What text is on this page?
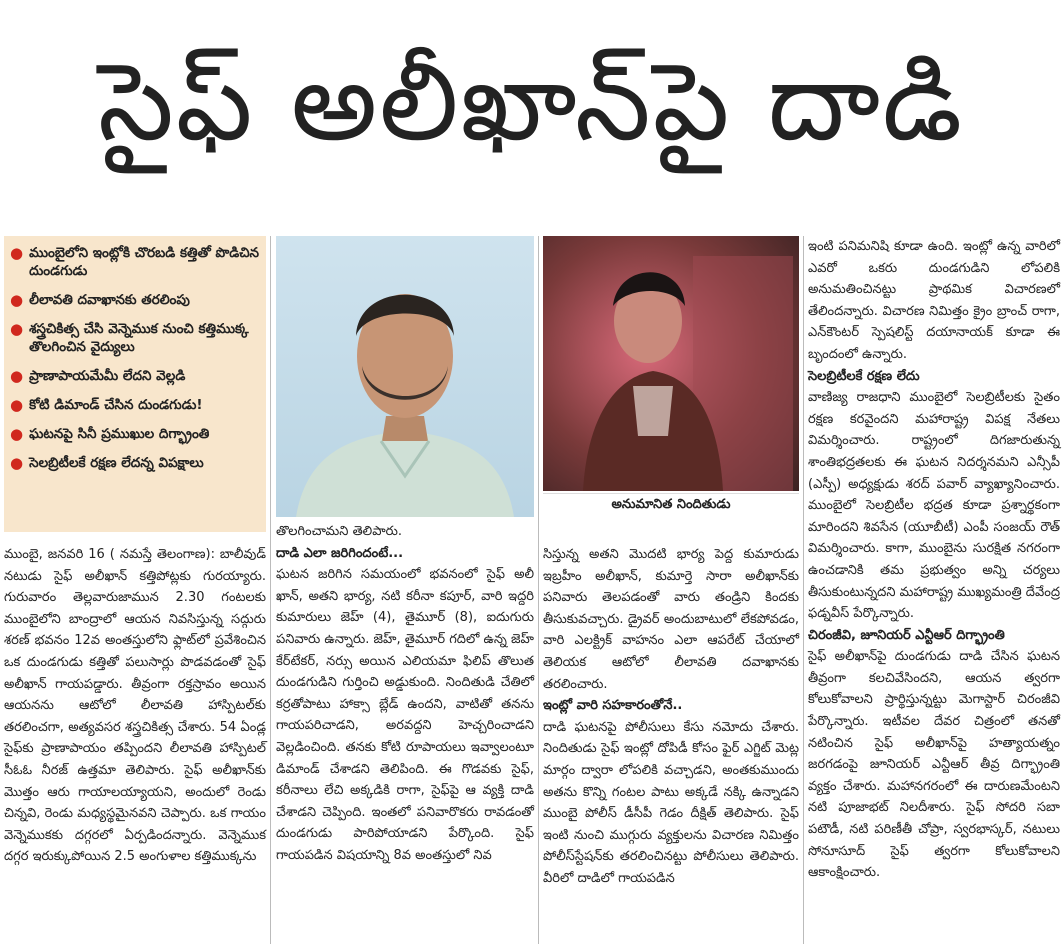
సైఫ్ అలీఖాన్‌పై దాడి
● ముంబైలోని ఇంట్లోకి చొరబడి కత్తితో పొడిచిన దుండగుడు
● లీలావతి దవాఖానకు తరలింపు
● శస్త్రచికిత్స చేసి వెన్నెముక నుంచి కత్తిముక్క తొలగించిన వైద్యులు
● ప్రాణాపాయమేమీ లేదని వెల్లడి
● కోటి డిమాండ్ చేసిన దుండగుడు!
● ఘటనపై సినీ ప్రముఖుల దిగ్భ్రాంతి
● సెలబ్రిటీలకే రక్షణ లేదన్న విపక్షాలు
అనుమానిత నిందితుడు

ముంబై, జనవరి 16 ( నమస్తే తెలంగాణ): బాలీవుడ్ నటుడు సైఫ్ అలీఖాన్ కత్తిపోట్లకు గురయ్యారు. గురువారం తెల్లవారుజామున 2.30 గంటలకు ముంబైలోని బాంద్రాలో ఆయన నివసిస్తున్న సద్గురు శరణ్ భవనం 12వ అంతస్తులోని ఫ్లాట్‌లో ప్రవేశించిన ఒక దుండగుడు కత్తితో పలుసార్లు పొడవడంతో సైఫ్ అలీఖాన్ గాయపడ్డారు. తీవ్రంగా రక్తస్రావం అయిన ఆయనను ఆటోలో లీలావతి హాస్పిటల్‌కు తరలించగా, అత్యవసర శస్త్రచికిత్స చేశారు. 54 ఏండ్ల సైఫ్‌కు ప్రాణాపాయం తప్పిందని లీలావతి హాస్పిటల్ సీఓఓ నీరజ్ ఉత్తమా తెలిపారు. సైఫ్ అలీఖాన్‌కు మొత్తం ఆరు గాయాలయ్యాయని, అందులో రెండు చిన్నవి, రెండు మధ్యస్థమైనవని చెప్పారు. ఒక గాయం వెన్నెముకకు దగ్గరలో ఏర్పడిందన్నారు. వెన్నెముక దగ్గర ఇరుక్కుపోయిన 2.5 అంగుళాల కత్తిముక్కను

తొలగించామని తెలిపారు.

దాడి ఎలా జరిగిందంటే...

ఘటన జరిగిన సమయంలో భవనంలో సైఫ్ అలీ ఖాన్, అతని భార్య, నటి కరీనా కపూర్, వారి ఇద్దరి కుమారులు జెహ్ (4), తైమూర్ (8), ఐదుగురు పనివారు ఉన్నారు. జెహ్, తైమూర్ గదిలో ఉన్న జెహ్ కేర్‌టేకర్, నర్సు అయిన ఎలియమా ఫిలిప్ తొలుత దుండగుడిని గుర్తించి అడ్డుకుంది. నిందితుడి చేతిలో కర్రతోపాటు హాక్సా బ్లేడ్ ఉందని, వాటితో తనను గాయపరిచాడని, అరవద్దని హెచ్చరించాడని వెల్లడించింది. తనకు కోటి రూపాయలు ఇవ్వాలంటూ డిమాండ్ చేశాడని తెలిపింది. ఈ గొడవకు సైఫ్, కరీనాలు లేచి అక్కడికి రాగా, సైఫ్‌పై ఆ వ్యక్తి దాడి చేశాడని చెప్పింది. ఇంతలో పనివారొకరు రావడంతో దుండగుడు పారిపోయాడని పేర్కొంది. సైఫ్ గాయపడిన విషయాన్ని 8వ అంతస్తులో నివ

సిస్తున్న అతని మొదటి భార్య పెద్ద కుమారుడు ఇబ్రహీం అలీఖాన్, కుమార్తె సారా అలీఖాన్‌కు పనివారు తెలపడంతో వారు తండ్రిని కిందకు తీసుకువచ్చారు. డ్రైవర్ అందుబాటులో లేకపోవడం, వారి ఎలక్ట్రిక్ వాహనం ఎలా ఆపరేట్ చేయాలో తెలియక ఆటోలో లీలావతి దవాఖానకు తరలించారు.

ఇంట్లో వారి సహకారంతోనే..

దాడి ఘటనపై పోలీసులు కేసు నమోదు చేశారు. నిందితుడు సైఫ్ ఇంట్లో దోపిడీ కోసం ఫైర్ ఎగ్జిట్ మెట్ల మార్గం ద్వారా లోపలికి వచ్చాడని, అంతకుముందు అతను కొన్ని గంటల పాటు అక్కడే నక్కి ఉన్నాడని ముంబై పోలీస్ డీసీపీ గెడం దీక్షిత్ తెలిపారు. సైఫ్ ఇంటి నుంచి ముగ్గురు వ్యక్తులను విచారణ నిమిత్తం పోలీస్‌స్టేషన్‌కు తరలించినట్టు పోలీసులు తెలిపారు. వీరిలో దాడిలో గాయపడిన

ఇంటి పనిమనిషి కూడా ఉంది. ఇంట్లో ఉన్న వారిలో ఎవరో ఒకరు దుండగుడిని లోపలికి అనుమతించినట్టు ప్రాథమిక విచారణలో తేలిందన్నారు. విచారణ నిమిత్తం క్రైం బ్రాంచ్ రాగా, ఎన్‌కౌంటర్ స్పెషలిస్ట్ దయానాయక్ కూడా ఈ బృందంలో ఉన్నారు.

సెలబ్రిటీలకే రక్షణ లేదు

వాణిజ్య రాజధాని ముంబైలో సెలబ్రిటీలకు సైతం రక్షణ కరవైందని మహారాష్ట్ర విపక్ష నేతలు విమర్శించారు. రాష్ట్రంలో దిగజారుతున్న శాంతిభద్రతలకు ఈ ఘటన నిదర్శనమని ఎన్సీపీ (ఎస్పీ) అధ్యక్షుడు శరద్ పవార్ వ్యాఖ్యానించారు. ముంబైలో సెలబ్రిటీల భద్రత కూడా ప్రశ్నార్థకంగా మారిందని శివసేన (యూబీటీ) ఎంపీ సంజయ్ రౌత్ విమర్శించారు. కాగా, ముంబైను సురక్షిత నగరంగా ఉంచడానికి తమ ప్రభుత్వం అన్ని చర్యలు తీసుకుంటున్నదని మహారాష్ట్ర ముఖ్యమంత్రి దేవేంద్ర ఫడ్నవీస్ పేర్కొన్నారు.

చిరంజీవి, జూనియర్ ఎన్టీఆర్ దిగ్భ్రాంతి

సైఫ్ అలీఖాన్‌పై దుండగుడు దాడి చేసిన ఘటన తీవ్రంగా కలచివేసిందని, ఆయన త్వరగా కోలుకోవాలని ప్రార్థిస్తున్నట్టు మెగాస్టార్ చిరంజీవి పేర్కొన్నారు. ఇటీవల దేవర చిత్రంలో తనతో నటించిన సైఫ్ అలీఖాన్‌పై హత్యాయత్నం జరగడంపై జూనియర్ ఎన్టీఆర్ తీవ్ర దిగ్భ్రాంతి వ్యక్తం చేశారు. మహానగరంలో ఈ దారుణమేంటని నటి పూజాభట్ నిలదీశారు. సైఫ్ సోదరి సబా పటౌడీ, నటి పరిణీతీ చోప్రా, స్వరభాస్కర్, నటులు సోనూసూద్ సైఫ్ త్వరగా కోలుకోవాలని ఆకాంక్షించారు.
